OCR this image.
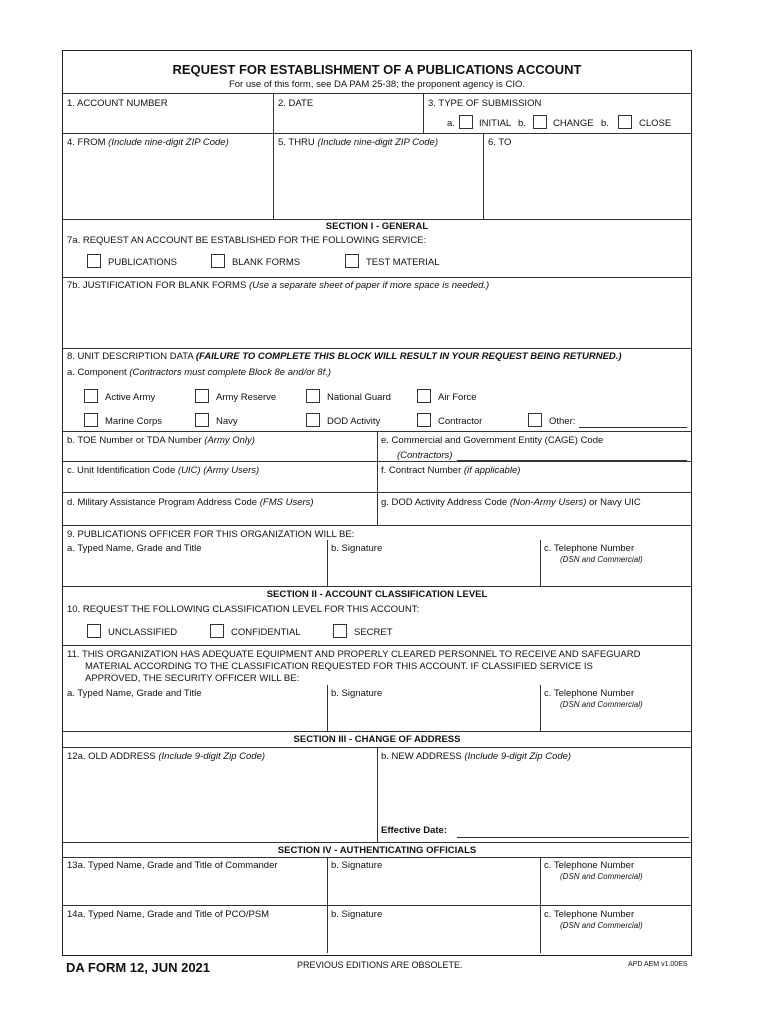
REQUEST FOR ESTABLISHMENT OF A PUBLICATIONS ACCOUNT
For use of this form, see DA PAM 25-38; the proponent agency is CIO.
1. ACCOUNT NUMBER	2. DATE	3. TYPE OF SUBMISSION
a.	INITIAL b.	CHANGE b.	CLOSE
4. FROM (Include nine-digit ZIP Code)	5. THRU (Include nine-digit ZIP Code)	6. TO
SECTION I - GENERAL
7a. REQUEST AN ACCOUNT BE ESTABLISHED FOR THE FOLLOWING SERVICE:
PUBLICATIONS	BLANK FORMS	TEST MATERIAL
7b. JUSTIFICATION FOR BLANK FORMS (Use a separate sheet of paper if more space is needed.)
8. UNIT DESCRIPTION DATA (FAILURE TO COMPLETE THIS BLOCK WILL RESULT IN YOUR REQUEST BEING RETURNED.)
a. Component (Contractors must complete Block 8e and/or 8f.)
Active Army	Army Reserve	National Guard	Air Force
Marine Corps	Navy	DOD Activity	Contractor	Other:
b. TOE Number or TDA Number (Army Only)	e. Commercial and Government Entity (CAGE) Code
(Contractors)
c. Unit Identification Code (UIC) (Army Users)	f. Contract Number (if applicable)
d. Military Assistance Program Address Code (FMS Users)	g. DOD Activity Address Code (Non-Army Users) or Navy UIC
9. PUBLICATIONS OFFICER FOR THIS ORGANIZATION WILL BE:
a. Typed Name, Grade and Title	b. Signature	c. Telephone Number
(DSN and Commercial)
SECTION II - ACCOUNT CLASSIFICATION LEVEL
10. REQUEST THE FOLLOWING CLASSIFICATION LEVEL FOR THIS ACCOUNT:
UNCLASSIFIED	CONFIDENTIAL	SECRET
11. THIS ORGANIZATION HAS ADEQUATE EQUIPMENT AND PROPERLY CLEARED PERSONNEL TO RECEIVE AND SAFEGUARD
MATERIAL ACCORDING TO THE CLASSIFICATION REQUESTED FOR THIS ACCOUNT. IF CLASSIFIED SERVICE IS
APPROVED, THE SECURITY OFFICER WILL BE:
a. Typed Name, Grade and Title	b. Signature	c. Telephone Number
(DSN and Commercial)
SECTION III - CHANGE OF ADDRESS
12a. OLD ADDRESS (Include 9-digit Zip Code)	b. NEW ADDRESS (Include 9-digit Zip Code)
Effective Date:
SECTION IV - AUTHENTICATING OFFICIALS
13a. Typed Name, Grade and Title of Commander	b. Signature	c. Telephone Number
(DSN and Commercial)
14a. Typed Name, Grade and Title of PCO/PSM	b. Signature	c. Telephone Number
(DSN and Commercial)
DA FORM 12, JUN 2021	PREVIOUS EDITIONS ARE OBSOLETE.	APD AEM v1.00ES
